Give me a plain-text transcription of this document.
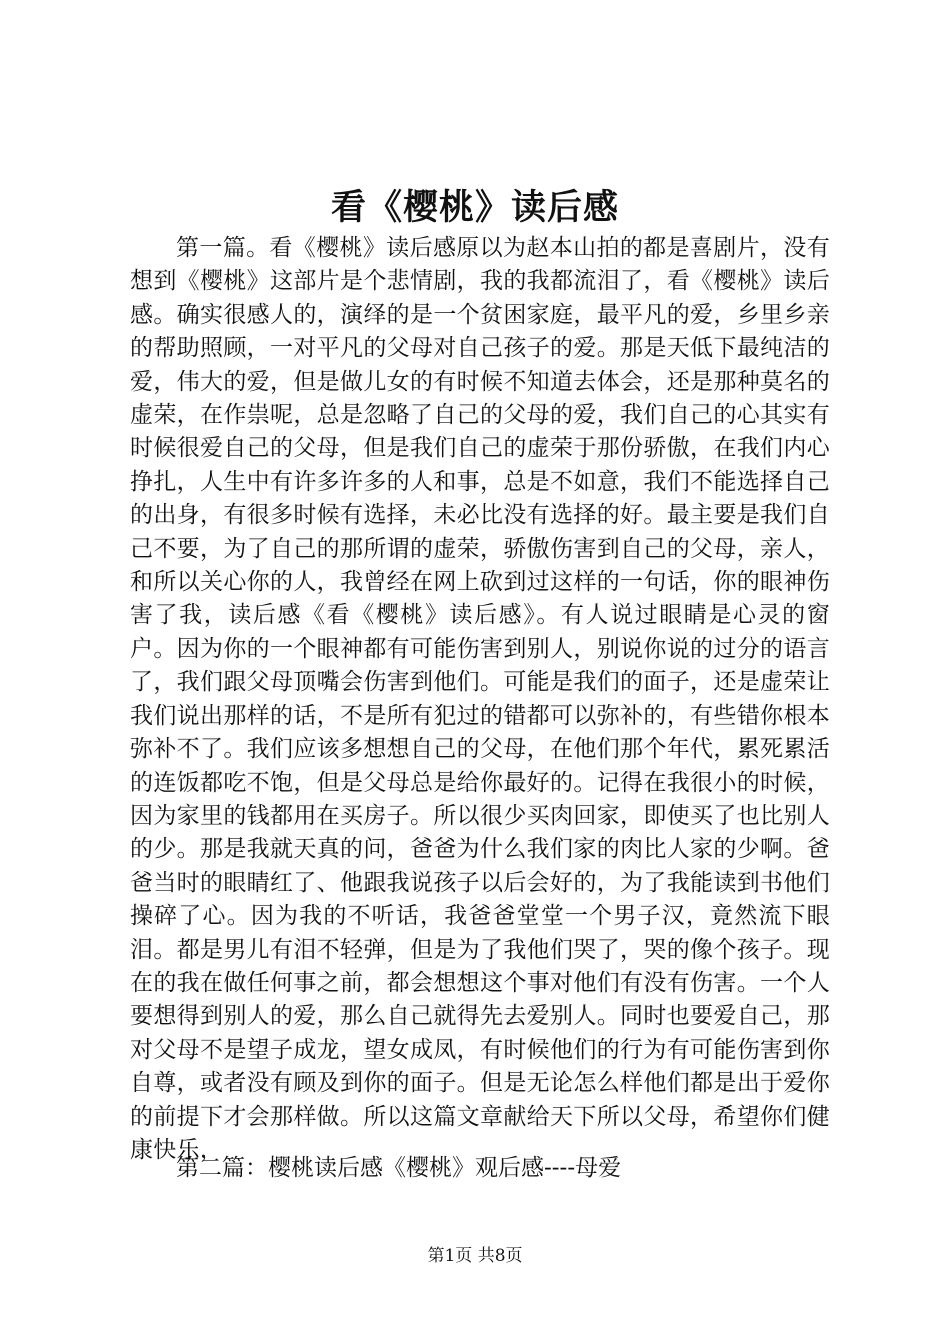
看《樱桃》读后感

第一篇。看《樱桃》读后感原以为赵本山拍的都是喜剧片，没有想到《樱桃》这部片是个悲情剧，我的我都流泪了，看《樱桃》读后感。确实很感人的，演绎的是一个贫困家庭，最平凡的爱，乡里乡亲的帮助照顾，一对平凡的父母对自己孩子的爱。那是天低下最纯洁的爱，伟大的爱，但是做儿女的有时候不知道去体会，还是那种莫名的虚荣，在作祟呢，总是忽略了自己的父母的爱，我们自己的心其实有时候很爱自己的父母，但是我们自己的虚荣于那份骄傲，在我们内心挣扎，人生中有许多许多的人和事，总是不如意，我们不能选择自己的出身，有很多时候有选择，未必比没有选择的好。最主要是我们自己不要，为了自己的那所谓的虚荣，骄傲伤害到自己的父母，亲人，和所以关心你的人，我曾经在网上砍到过这样的一句话，你的眼神伤害了我，读后感《看《樱桃》读后感》。有人说过眼睛是心灵的窗户。因为你的一个眼神都有可能伤害到别人，别说你说的过分的语言了，我们跟父母顶嘴会伤害到他们。可能是我们的面子，还是虚荣让我们说出那样的话，不是所有犯过的错都可以弥补的，有些错你根本弥补不了。我们应该多想想自己的父母，在他们那个年代，累死累活的连饭都吃不饱，但是父母总是给你最好的。记得在我很小的时候，因为家里的钱都用在买房子。所以很少买肉回家，即使买了也比别人的少。那是我就天真的问，爸爸为什么我们家的肉比人家的少啊。爸爸当时的眼睛红了、他跟我说孩子以后会好的，为了我能读到书他们操碎了心。因为我的不听话，我爸爸堂堂一个男子汉，竟然流下眼泪。都是男儿有泪不轻弹，但是为了我他们哭了，哭的像个孩子。现在的我在做任何事之前，都会想想这个事对他们有没有伤害。一个人要想得到别人的爱，那么自己就得先去爱别人。同时也要爱自己，那对父母不是望子成龙，望女成凤，有时候他们的行为有可能伤害到你自尊，或者没有顾及到你的面子。但是无论怎么样他们都是出于爱你的前提下才会那样做。所以这篇文章献给天下所以父母，希望你们健康快乐，

第二篇：樱桃读后感《樱桃》观后感----母爱

第1页 共8页
